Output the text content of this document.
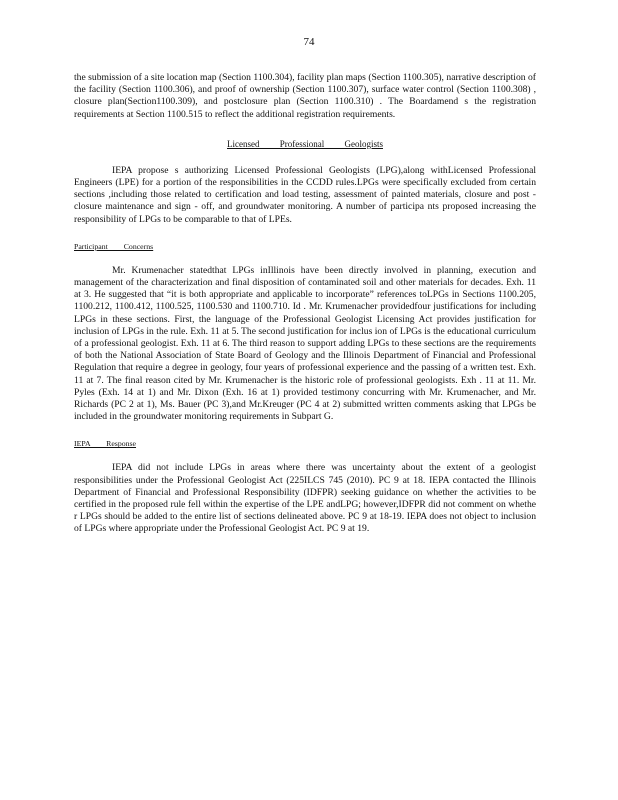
74

the submission of a site location map (Section 1100.304), facility plan maps (Section 1100.305), narrative description of the facility (Section 1100.306), and proof of ownership (Section 1100.307), surface water control (Section 1100.308) , closure plan(Section1100.309), and postclosure plan (Section 1100.310) . The Boardamend s the registration requirements at Section 1100.515 to reflect the additional registration requirements.

Licensed Professional Geologists

IEPA propose s authorizing Licensed Professional Geologists (LPG),along withLicensed Professional Engineers (LPE) for a portion of the responsibilities in the CCDD rules.LPGs were specifically excluded from certain sections ,including those related to certification and load testing, assessment of painted materials, closure and post - closure maintenance and sign - off, and groundwater monitoring. A number of participa nts proposed increasing the responsibility of LPGs to be comparable to that of LPEs.

Participant Concerns

Mr. Krumenacher statedthat LPGs inIllinois have been directly involved in planning, execution and management of the characterization and final disposition of contaminated soil and other materials for decades. Exh. 11 at 3. He suggested that “it is both appropriate and applicable to incorporate” references toLPGs in Sections 1100.205, 1100.212, 1100.412, 1100.525, 1100.530 and 1100.710. Id . Mr. Krumenacher providedfour justifications for including LPGs in these sections. First, the language of the Professional Geologist Licensing Act provides justification for inclusion of LPGs in the rule. Exh. 11 at 5. The second justification for inclus ion of LPGs is the educational curriculum of a professional geologist. Exh. 11 at 6. The third reason to support adding LPGs to these sections are the requirements of both the National Association of State Board of Geology and the Illinois Department of Financial and Professional Regulation that require a degree in geology, four years of professional experience and the passing of a written test. Exh. 11 at 7. The final reason cited by Mr. Krumenacher is the historic role of professional geologists. Exh . 11 at 11. Mr. Pyles (Exh. 14 at 1) and Mr. Dixon (Exh. 16 at 1) provided testimony concurring with Mr. Krumenacher, and Mr. Richards (PC 2 at 1), Ms. Bauer (PC 3),and Mr.Kreuger (PC 4 at 2) submitted written comments asking that LPGs be included in the groundwater monitoring requirements in Subpart G.

IEPA Response

IEPA did not include LPGs in areas where there was uncertainty about the extent of a geologist responsibilities under the Professional Geologist Act (225ILCS 745 (2010). PC 9 at 18. IEPA contacted the Illinois Department of Financial and Professional Responsibility (IDFPR) seeking guidance on whether the activities to be certified in the proposed rule fell within the expertise of the LPE andLPG; however,IDFPR did not comment on whethe r LPGs should be added to the entire list of sections delineated above. PC 9 at 18-19. IEPA does not object to inclusion of LPGs where appropriate under the Professional Geologist Act. PC 9 at 19.
